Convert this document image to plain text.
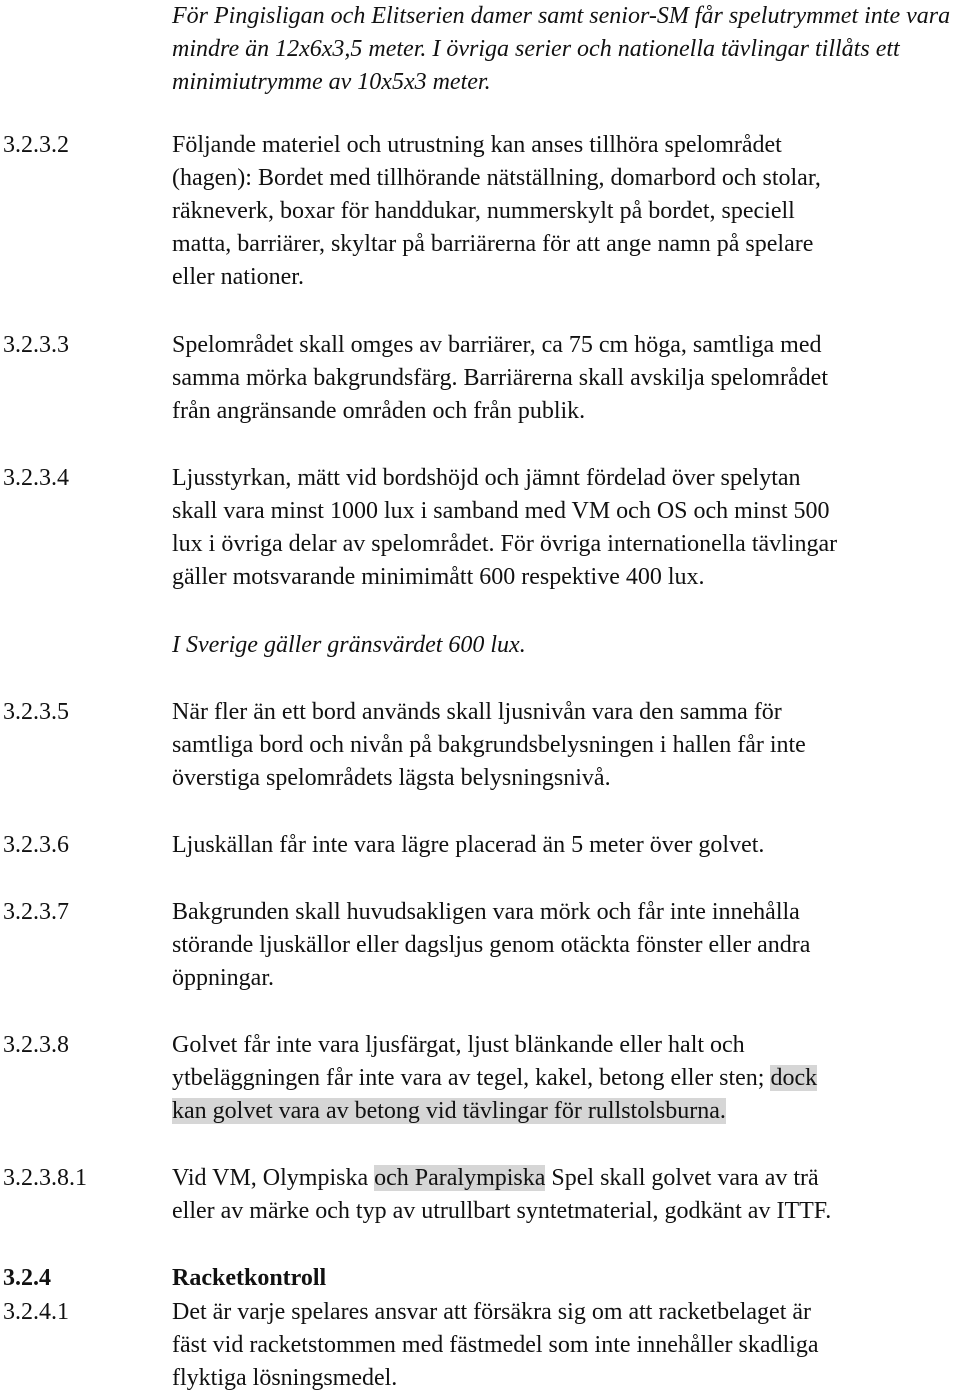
För Pingisligan och Elitserien damer samt senior-SM får spelutrymmet inte vara
mindre än 12x6x3,5 meter. I övriga serier och nationella tävlingar tillåts ett
minimiutrymme av 10x5x3 meter.
3.2.3.2	Följande materiel och utrustning kan anses tillhöra spelområdet
(hagen): Bordet med tillhörande nätställning, domarbord och stolar,
räkneverk, boxar för handdukar, nummerskylt på bordet, speciell
matta, barriärer, skyltar på barriärerna för att ange namn på spelare
eller nationer.
3.2.3.3	Spelområdet skall omges av barriärer, ca 75 cm höga, samtliga med
samma mörka bakgrundsfärg. Barriärerna skall avskilja spelområdet
från angränsande områden och från publik.
3.2.3.4	Ljusstyrkan, mätt vid bordshöjd och jämnt fördelad över spelytan
skall vara minst 1000 lux i samband med VM och OS och minst 500
lux i övriga delar av spelområdet. För övriga internationella tävlingar
gäller motsvarande minimimått 600 respektive 400 lux.
I Sverige gäller gränsvärdet 600 lux.
3.2.3.5	När fler än ett bord används skall ljusnivån vara den samma för
samtliga bord och nivån på bakgrundsbelysningen i hallen får inte
överstiga spelområdets lägsta belysningsnivå.
3.2.3.6	Ljuskällan får inte vara lägre placerad än 5 meter över golvet.
3.2.3.7	Bakgrunden skall huvudsakligen vara mörk och får inte innehålla
störande ljuskällor eller dagsljus genom otäckta fönster eller andra
öppningar.
3.2.3.8	Golvet får inte vara ljusfärgat, ljust blänkande eller halt och
ytbeläggningen får inte vara av tegel, kakel, betong eller sten; dock
kan golvet vara av betong vid tävlingar för rullstolsburna.
3.2.3.8.1	Vid VM, Olympiska och Paralympiska Spel skall golvet vara av trä
eller av märke och typ av utrullbart syntetmaterial, godkänt av ITTF.
3.2.4	Racketkontroll
3.2.4.1	Det är varje spelares ansvar att försäkra sig om att racketbelaget är
fäst vid racketstommen med fästmedel som inte innehåller skadliga
flyktiga lösningsmedel.
